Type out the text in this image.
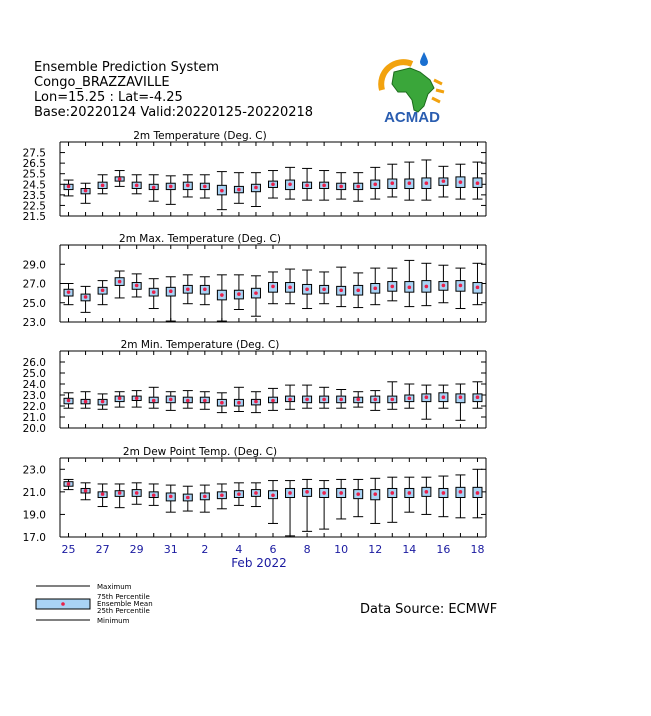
Ensemble Prediction System
Congo_BRAZZAVILLE
Lon=15.25 : Lat=-4.25
Base:20220124 Valid:20220125-20220218	ACMAD
2m Temperature (Deg. C)
27.5
26.5
25.5
24.5
23.5
22.5
21.5
2m Max. Temperature (Deg. C)
29.0
27.0
25.0
23.0
2m Min. Temperature (Deg. C)
26.0
25.0
24.0
23.0
22.0
21.0
20.0
2m Dew Point Temp. (Deg. C)
23.0
21.0
19.0
17.0
25 27 29 31 2 4 6 8 10 12 14 16 18
Feb 2022
Maximum
75th Percentile
Ensemble Mean
25th Percentile
Minimum
Data Source: ECMWF
